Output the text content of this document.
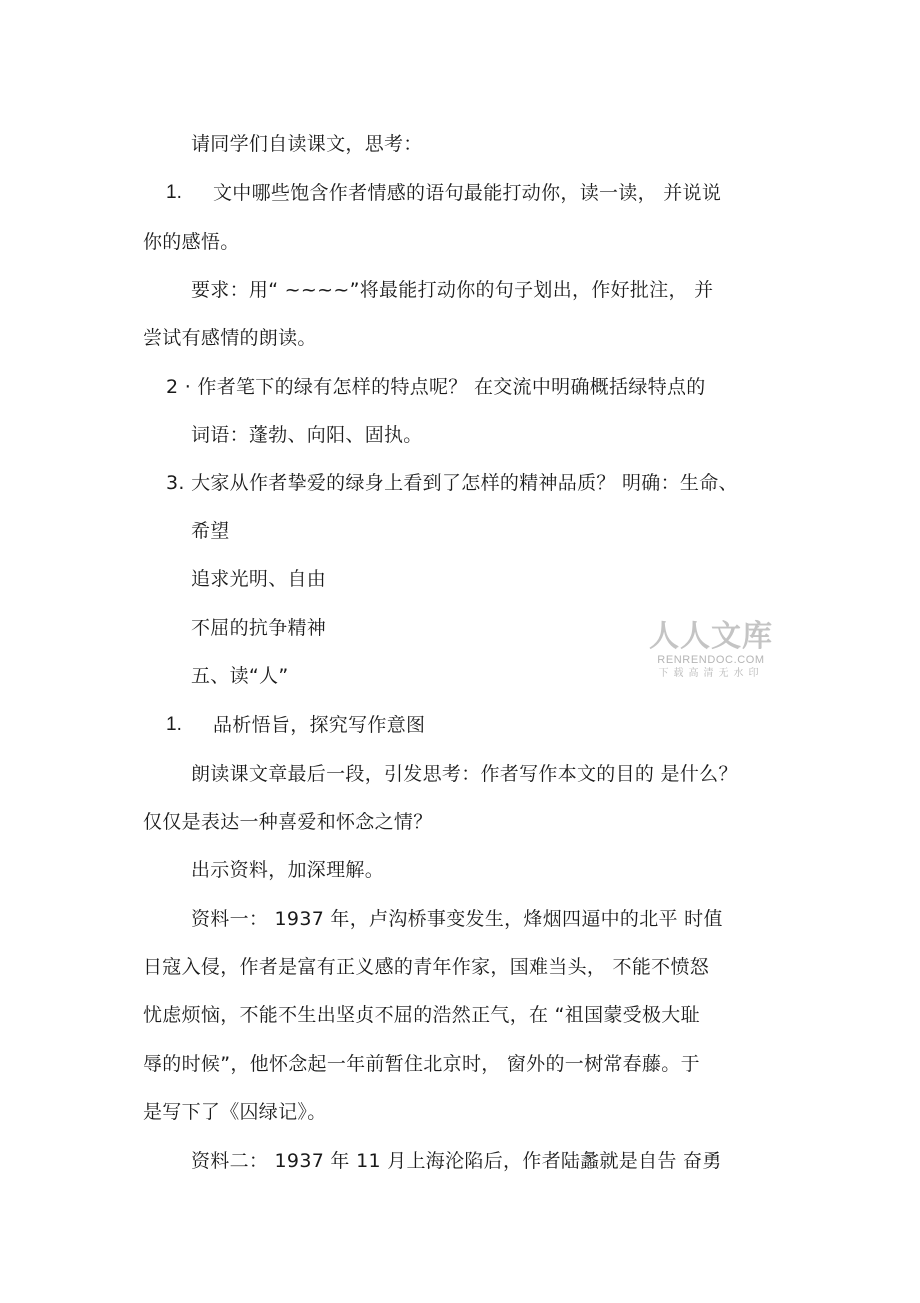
请同学们自读课文，思考：
1. 文中哪些饱含作者情感的语句最能打动你，读一读， 并说说
你的感悟。
要求：用“ ~~~~”将最能打动你的句子划出，作好批注， 并
尝试有感情的朗读。
2 · 作者笔下的绿有怎样的特点呢？ 在交流中明确概括绿特点的
词语：蓬勃、向阳、固执。
3. 大家从作者挚爱的绿身上看到了怎样的精神品质？ 明确：生命、
希望
追求光明、自由
不屈的抗争精神
五、读“人”
1. 品析悟旨，探究写作意图
朗读课文章最后一段，引发思考：作者写作本文的目的 是什么？
仅仅是表达一种喜爱和怀念之情？
出示资料，加深理解。
资料一： 1937 年，卢沟桥事变发生，烽烟四逼中的北平 时值
日寇入侵，作者是富有正义感的青年作家，国难当头， 不能不愤怒
忧虑烦恼，不能不生出坚贞不屈的浩然正气，在 “祖国蒙受极大耻
辱的时候”，他怀念起一年前暂住北京时， 窗外的一树常春藤。于
是写下了《囚绿记》。
资料二： 1937 年 11 月上海沦陷后，作者陆蠡就是自告 奋勇
人人文库
RENRENDOC.COM
下载高清无水印
